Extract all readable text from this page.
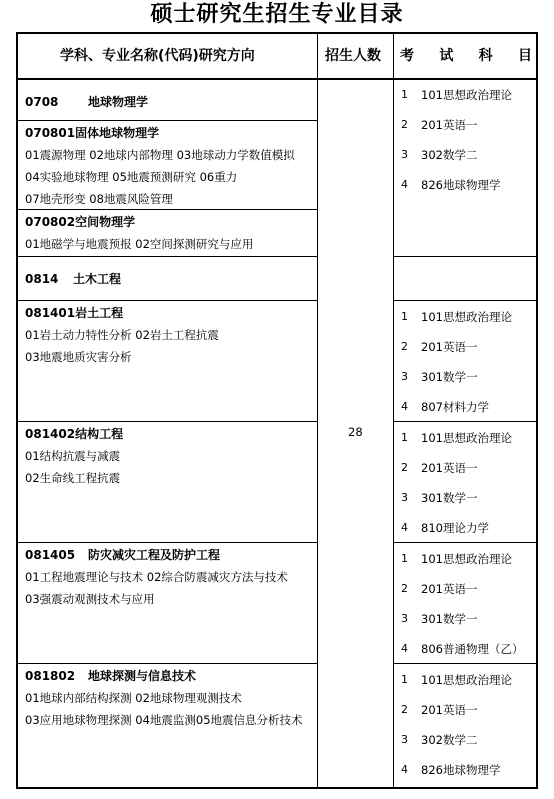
硕士研究生招生专业目录
学科、专业名称(代码)研究方向	招生人数 考 试 科 目
28
0708 地球物理学
070801固体地球物理学
01震源物理 02地球内部物理 03地球动力学数值模拟
04实验地球物理 05地震预测研究 06重力
07地壳形变 08地震风险管理
070802空间物理学
01地磁学与地震预报 02空间探测研究与应用
0814 土木工程
081401岩土工程
01岩土动力特性分析 02岩土工程抗震
03地震地质灾害分析
081402结构工程
01结构抗震与减震
02生命线工程抗震
081405 防灾减灾工程及防护工程
01工程地震理论与技术 02综合防震减灾方法与技术
03强震动观测技术与应用
081802 地球探测与信息技术
01地球内部结构探测 02地球物理观测技术
03应用地球物理探测 04地震监测05地震信息分析技术
1 101思想政治理论
2 201英语一
3 302数学二
4 826地球物理学
1 101思想政治理论
2 201英语一
3 301数学一
4 807材料力学
1 101思想政治理论
2 201英语一
3 301数学一
4 810理论力学
1 101思想政治理论
2 201英语一
3 301数学一
4 806普通物理（乙）
1 101思想政治理论
2 201英语一
3 302数学二
4 826地球物理学
